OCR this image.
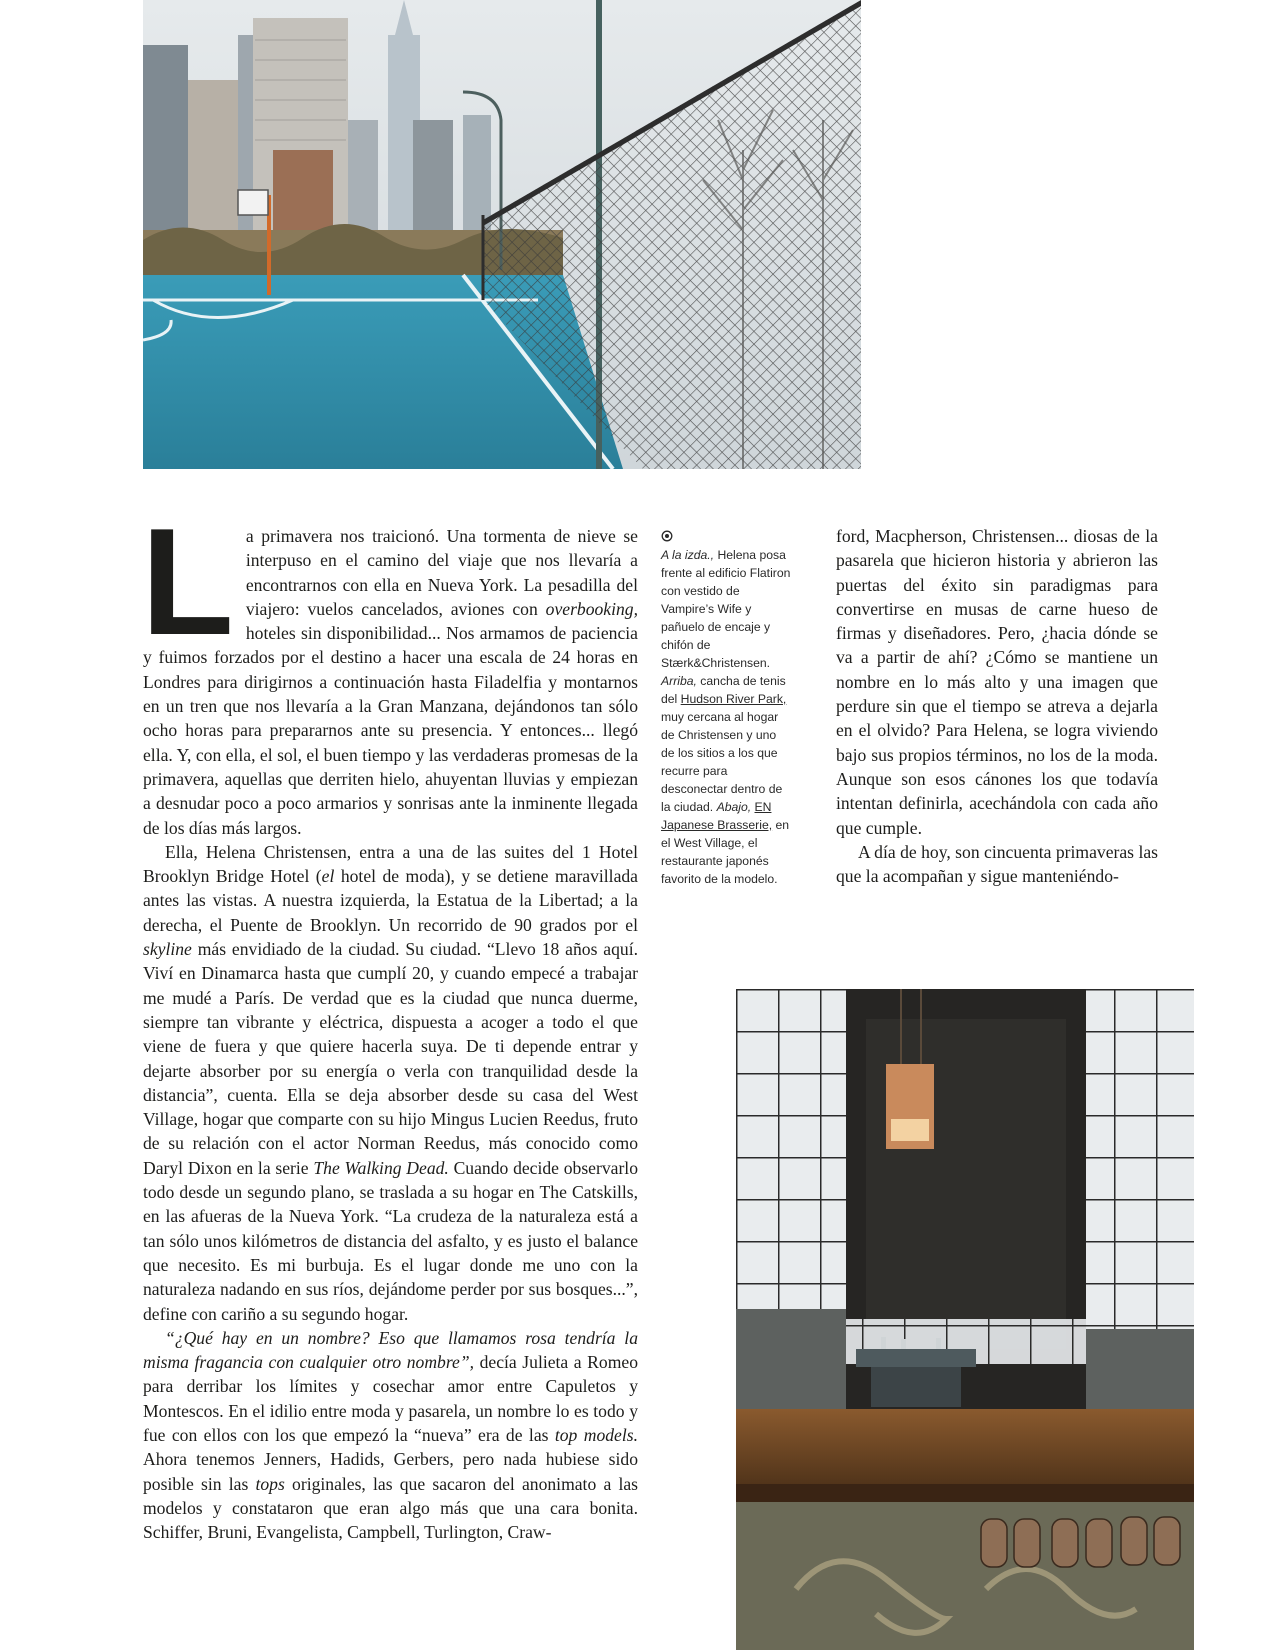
L a primavera nos traicionó. Una tormenta de nieve se interpuso en el camino del viaje que nos llevaría a encontrarnos con ella en Nueva York. La pesadilla del viajero: vuelos cancelados, aviones con overbooking, hoteles sin disponibilidad... Nos armamos de paciencia y fuimos forzados por el destino a hacer una escala de 24 horas en Londres para dirigirnos a continuación hasta Filadelfia y montarnos en un tren que nos llevaría a la Gran Manzana, dejándonos tan sólo ocho horas para prepararnos ante su presencia. Y entonces... llegó ella. Y, con ella, el sol, el buen tiempo y las verdaderas promesas de la primavera, aquellas que derriten hielo, ahuyentan lluvias y empiezan a desnudar poco a poco armarios y sonrisas ante la inminente llegada de los días más largos.

Ella, Helena Christensen, entra a una de las suites del 1 Hotel Brooklyn Bridge Hotel (el hotel de moda), y se detiene maravillada antes las vistas. A nuestra izquierda, la Estatua de la Libertad; a la derecha, el Puente de Brooklyn. Un recorrido de 90 grados por el skyline más envidiado de la ciudad. Su ciudad. “Llevo 18 años aquí. Viví en Dinamarca hasta que cumplí 20, y cuando empecé a trabajar me mudé a París. De verdad que es la ciudad que nunca duerme, siempre tan vibrante y eléctrica, dispuesta a acoger a todo el que viene de fuera y que quiere hacerla suya. De ti depende entrar y dejarte absorber por su energía o verla con tranquilidad desde la distancia”, cuenta. Ella se deja absorber desde su casa del West Village, hogar que comparte con su hijo Mingus Lucien Reedus, fruto de su relación con el actor Norman Reedus, más conocido como Daryl Dixon en la serie The Walking Dead. Cuando decide observarlo todo desde un segundo plano, se traslada a su hogar en The Catskills, en las afueras de la Nueva York. “La crudeza de la naturaleza está a tan sólo unos kilómetros de distancia del asfalto, y es justo el balance que necesito. Es mi burbuja. Es el lugar donde me uno con la naturaleza nadando en sus ríos, dejándome perder por sus bosques...”, define con cariño a su segundo hogar.

“¿Qué hay en un nombre? Eso que llamamos rosa tendría la misma fragancia con cualquier otro nombre”, decía Julieta a Romeo para derribar los límites y cosechar amor entre Capuletos y Montescos. En el idilio entre moda y pasarela, un nombre lo es todo y fue con ellos con los que empezó la “nueva” era de las top models. Ahora tenemos Jenners, Hadids, Gerbers, pero nada hubiese sido posible sin las tops originales, las que sacaron del anonimato a las modelos y constataron que eran algo más que una cara bonita. Schiffer, Bruni, Evangelista, Campbell, Turlington, Craw-

A la izda., Helena posa frente al edificio Flatiron con vestido de Vampire’s Wife y pañuelo de encaje y chifón de Stærk&Christensen. Arriba, cancha de tenis del Hudson River Park, muy cercana al hogar de Christensen y uno de los sitios a los que recurre para desconectar dentro de la ciudad. Abajo, EN Japanese Brasserie, en el West Village, el restaurante japonés favorito de la modelo.

ford, Macpherson, Christensen... diosas de la pasarela que hicieron historia y abrieron las puertas del éxito sin paradigmas para convertirse en musas de carne hueso de firmas y diseñadores. Pero, ¿hacia dónde se va a partir de ahí? ¿Cómo se mantiene un nombre en lo más alto y una imagen que perdure sin que el tiempo se atreva a dejarla en el olvido? Para Helena, se logra viviendo bajo sus propios términos, no los de la moda. Aunque son esos cánones los que todavía intentan definirla, acechándola con cada año que cumple.

A día de hoy, son cincuenta primaveras las que la acompañan y sigue manteniéndo-
